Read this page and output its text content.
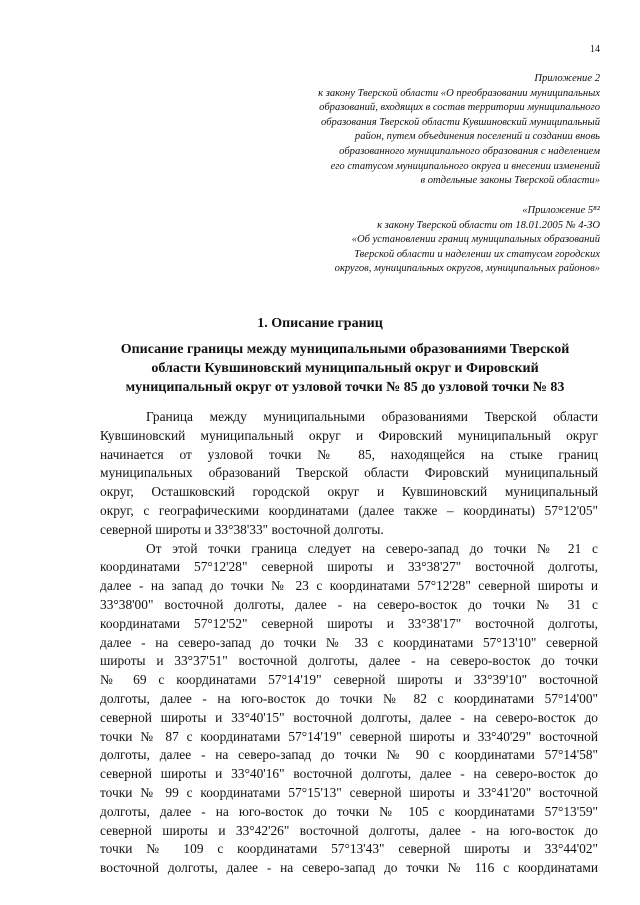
14
Приложение 2
к закону Тверской области «О преобразовании муниципальных
образований, входящих в состав территории муниципального
образования Тверской области Кувшиновский муниципальный
район, путем объединения поселений и создании вновь
образованного муниципального образования с наделением
его статусом муниципального округа и внесении изменений
в отдельные законы Тверской области»
«Приложение 5⁸²
к закону Тверской области от 18.01.2005 № 4-ЗО
«Об установлении границ муниципальных образований
Тверской области и наделении их статусом городских
округов, муниципальных округов, муниципальных районов»
1. Описание границ
Описание границы между муниципальными образованиями Тверской
области Кувшиновский муниципальный округ и Фировский
муниципальный округ от узловой точки № 85 до узловой точки № 83
Граница между муниципальными образованиями Тверской области
Кувшиновский муниципальный округ и Фировский муниципальный округ
начинается от узловой точки № 85, находящейся на стыке границ
муниципальных образований Тверской области Фировский муниципальный
округ, Осташковский городской округ и Кувшиновский муниципальный
округ, с географическими координатами (далее также – координаты) 57°12'05"
северной широты и 33°38'33" восточной долготы.
От этой точки граница следует на северо-запад до точки № 21 с
координатами 57°12'28" северной широты и 33°38'27" восточной долготы,
далее - на запад до точки № 23 с координатами 57°12'28" северной широты и
33°38'00" восточной долготы, далее - на северо-восток до точки № 31 с
координатами 57°12'52" северной широты и 33°38'17" восточной долготы,
далее - на северо-запад до точки № 33 с координатами 57°13'10" северной
широты и 33°37'51" восточной долготы, далее - на северо-восток до точки
№ 69 с координатами 57°14'19" северной широты и 33°39'10" восточной
долготы, далее - на юго-восток до точки № 82 с координатами 57°14'00"
северной широты и 33°40'15" восточной долготы, далее - на северо-восток до
точки № 87 с координатами 57°14'19" северной широты и 33°40'29" восточной
долготы, далее - на северо-запад до точки № 90 с координатами 57°14'58"
северной широты и 33°40'16" восточной долготы, далее - на северо-восток до
точки № 99 с координатами 57°15'13" северной широты и 33°41'20" восточной
долготы, далее - на юго-восток до точки № 105 с координатами 57°13'59"
северной широты и 33°42'26" восточной долготы, далее - на юго-восток до
точки № 109 с координатами 57°13'43" северной широты и 33°44'02"
восточной долготы, далее - на северо-запад до точки № 116 с координатами
